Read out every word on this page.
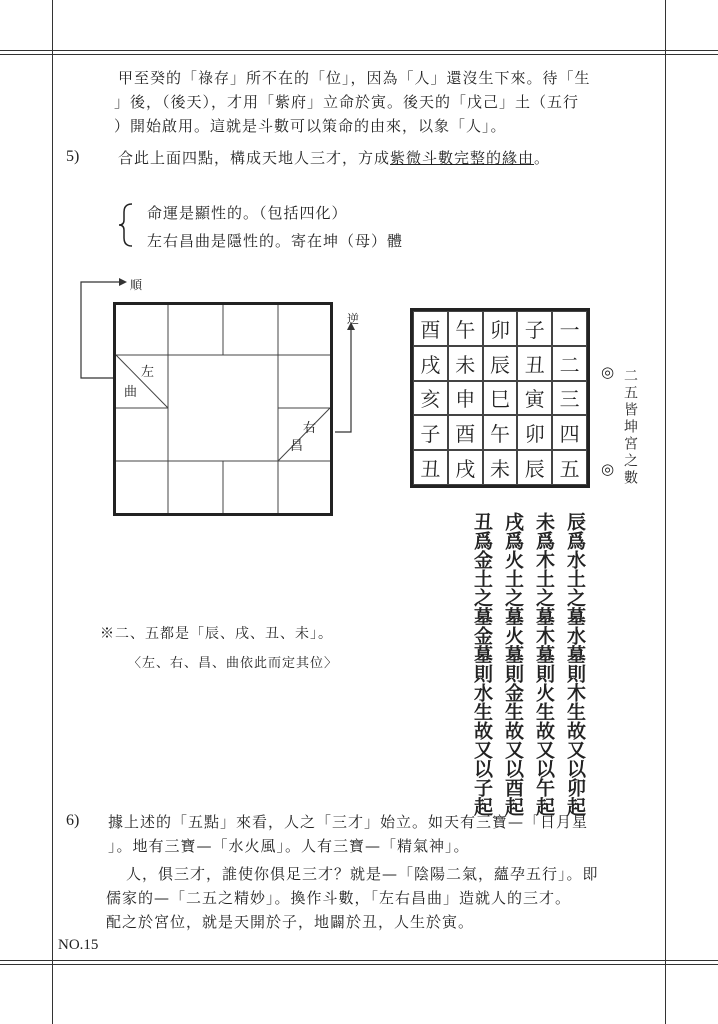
甲至癸的「祿存」所不在的「位」，因為「人」還沒生下來。待「生
」後，（後天），才用「紫府」立命於寅。後天的「戊己」土（五行
）開始啟用。這就是斗數可以策命的由來，以象「人」。
5)	合此上面四點，構成天地人三才，方成紫微斗數完整的緣由。
命運是顯性的。（包括四化）
左右昌曲是隱性的。寄在坤（母）體
左
曲
右
昌
順
逆	酉 午 卯 子 一
戌 未 辰 丑 二
亥 申 巳 寅 三
子 酉 午 卯 四
丑 戌 未 辰 五
◎
◎ 二五皆坤宮之數
辰爲水土之墓水墓則木生故又以卯起
未爲木土之墓木墓則火生故又以午起
戌爲火土之墓火墓則金生故又以酉起
丑爲金土之墓金墓則水生故又以子起
※二、五都是「辰、戌、丑、未」。
〈左、右、昌、曲依此而定其位〉
6) 據上述的「五點」來看，人之「三才」始立。如天有三寶—「日月星
」。地有三寶—「水火風」。人有三寶—「精氣神」。
人，俱三才，誰使你俱足三才？就是—「陰陽二氣，蘊孕五行」。即
儒家的—「二五之精妙」。換作斗數，「左右昌曲」造就人的三才。
配之於宮位，就是天開於子，地闢於丑，人生於寅。
NO.15
